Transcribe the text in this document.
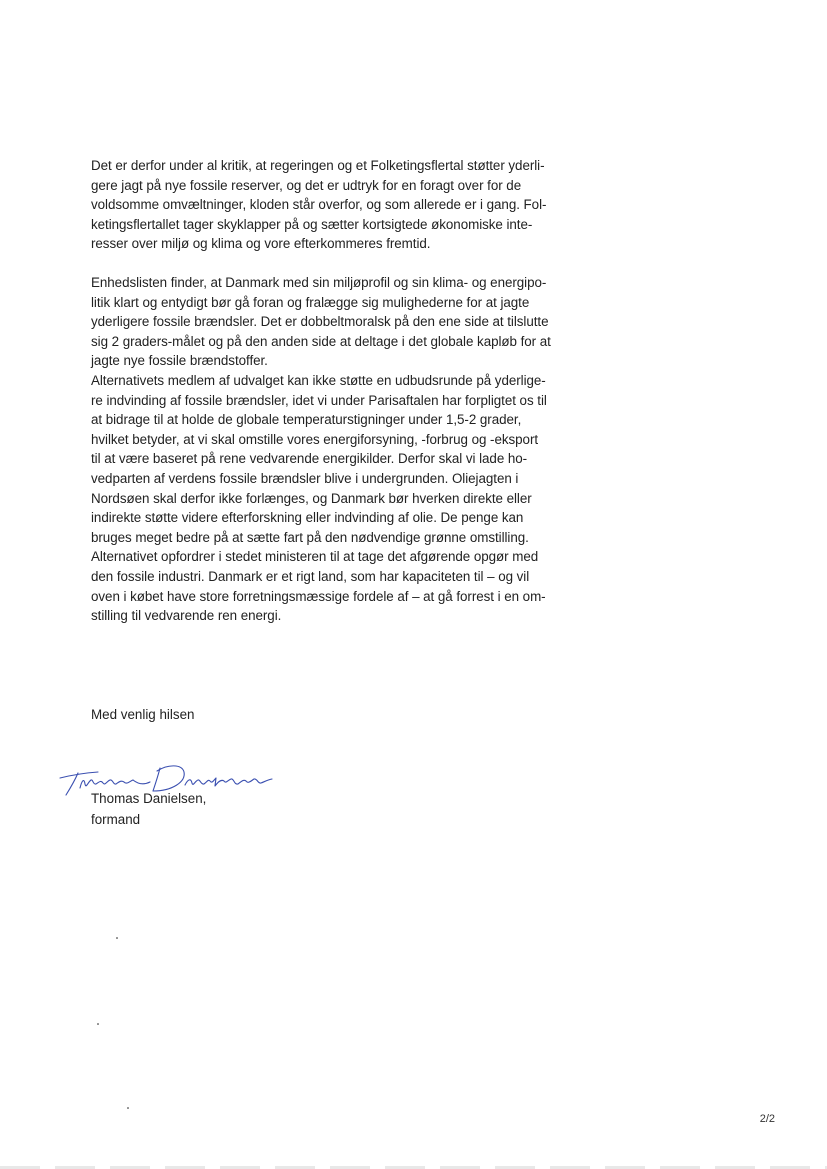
Det er derfor under al kritik, at regeringen og et Folketingsflertal støtter yderli-
gere jagt på nye fossile reserver, og det er udtryk for en foragt over for de
voldsomme omvæltninger, kloden står overfor, og som allerede er i gang. Fol-
ketingsflertallet tager skyklapper på og sætter kortsigtede økonomiske inte-
resser over miljø og klima og vore efterkommeres fremtid.
Enhedslisten finder, at Danmark med sin miljøprofil og sin klima- og energipo-
litik klart og entydigt bør gå foran og fralægge sig mulighederne for at jagte
yderligere fossile brændsler. Det er dobbeltmoralsk på den ene side at tilslutte
sig 2 graders-målet og på den anden side at deltage i det globale kapløb for at
jagte nye fossile brændstoffer.
Alternativets medlem af udvalget kan ikke støtte en udbudsrunde på yderlige-
re indvinding af fossile brændsler, idet vi under Parisaftalen har forpligtet os til
at bidrage til at holde de globale temperaturstigninger under 1,5-2 grader,
hvilket betyder, at vi skal omstille vores energiforsyning, -forbrug og -eksport
til at være baseret på rene vedvarende energikilder. Derfor skal vi lade ho-
vedparten af verdens fossile brændsler blive i undergrunden. Oliejagten i
Nordsøen skal derfor ikke forlænges, og Danmark bør hverken direkte eller
indirekte støtte videre efterforskning eller indvinding af olie. De penge kan
bruges meget bedre på at sætte fart på den nødvendige grønne omstilling.
Alternativet opfordrer i stedet ministeren til at tage det afgørende opgør med
den fossile industri. Danmark er et rigt land, som har kapaciteten til – og vil
oven i købet have store forretningsmæssige fordele af – at gå forrest i en om-
stilling til vedvarende ren energi.

Med venlig hilsen

Thomas Danielsen,
formand
2/2
